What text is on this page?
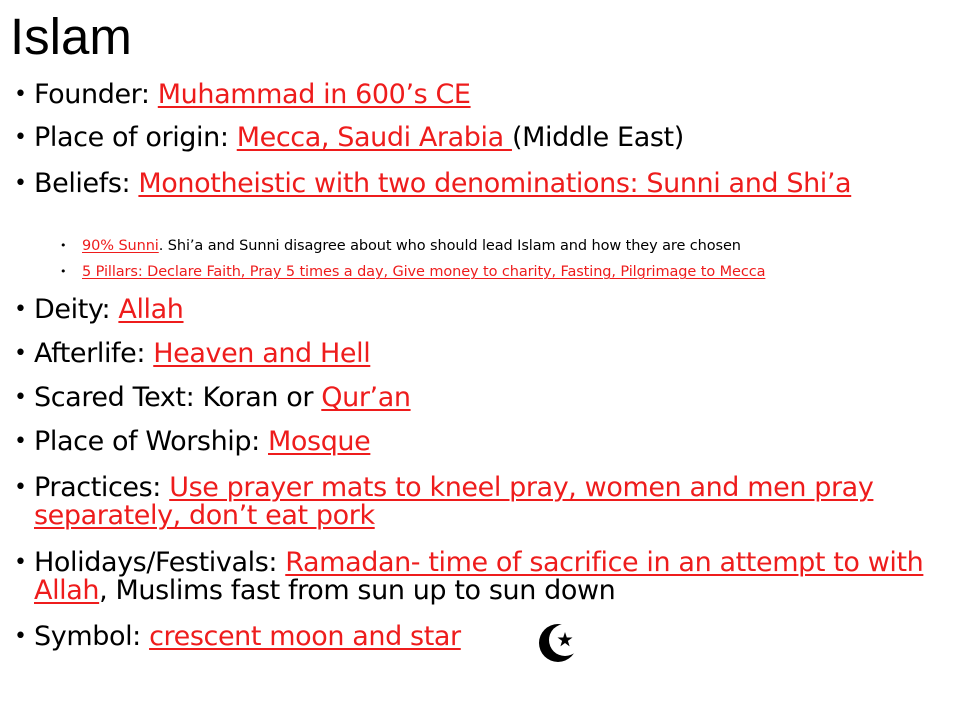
Islam
• Founder: Muhammad in 600’s CE
• Place of origin: Mecca, Saudi Arabia (Middle East)
• Beliefs: Monotheistic with two denominations: Sunni and Shi’a
• 90% Sunni. Shi’a and Sunni disagree about who should lead Islam and how they are chosen
• 5 Pillars: Declare Faith, Pray 5 times a day, Give money to charity, Fasting, Pilgrimage to Mecca
• Deity: Allah
• Afterlife: Heaven and Hell
• Scared Text: Koran or Qur’an
• Place of Worship: Mosque
• Practices: Use prayer mats to kneel pray, women and men pray separately, don’t eat pork
• Holidays/Festivals: Ramadan- time of sacrifice in an attempt to with Allah, Muslims fast from sun up to sun down
• Symbol: crescent moon and star
